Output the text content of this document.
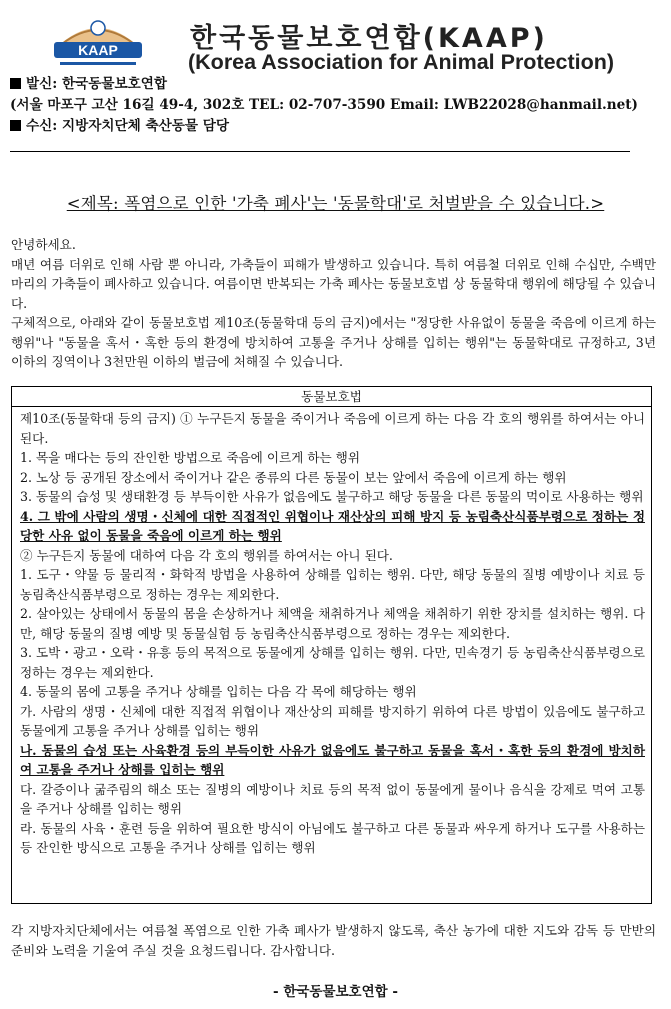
KAAP	한국동물보호연합(KAAP)
(Korea Association for Animal Protection)
발신: 한국동물보호연합
(서울 마포구 고산 16길 49-4, 302호 TEL: 02-707-3590 Email: LWB22028@hanmail.net)
수신: 지방자치단체 축산동물 담당
<제목: 폭염으로 인한 '가축 폐사'는 '동물학대'로 처벌받을 수 있습니다.>

안녕하세요.

매년 여름 더위로 인해 사람 뿐 아니라, 가축들이 피해가 발생하고 있습니다. 특히 여름철 더위로 인해 수십만, 수백만 마리의 가축들이 폐사하고 있습니다. 여름이면 반복되는 가축 폐사는 동물보호법 상 동물학대 행위에 해당될 수 있습니다.

구체적으로, 아래와 같이 동물보호법 제10조(동물학대 등의 금지)에서는 "정당한 사유없이 동물을 죽음에 이르게 하는 행위"나 "동물을 혹서・혹한 등의 환경에 방치하여 고통을 주거나 상해를 입히는 행위"는 동물학대로 규정하고, 3년 이하의 징역이나 3천만원 이하의 벌금에 처해질 수 있습니다.

동물보호법

제10조(동물학대 등의 금지) ① 누구든지 동물을 죽이거나 죽음에 이르게 하는 다음 각 호의 행위를 하여서는 아니 된다.

1. 목을 매다는 등의 잔인한 방법으로 죽음에 이르게 하는 행위

2. 노상 등 공개된 장소에서 죽이거나 같은 종류의 다른 동물이 보는 앞에서 죽음에 이르게 하는 행위

3. 동물의 습성 및 생태환경 등 부득이한 사유가 없음에도 불구하고 해당 동물을 다른 동물의 먹이로 사용하는 행위

4. 그 밖에 사람의 생명・신체에 대한 직접적인 위협이나 재산상의 피해 방지 등 농림축산식품부령으로 정하는 정당한 사유 없이 동물을 죽음에 이르게 하는 행위

② 누구든지 동물에 대하여 다음 각 호의 행위를 하여서는 아니 된다.

1. 도구・약물 등 물리적・화학적 방법을 사용하여 상해를 입히는 행위. 다만, 해당 동물의 질병 예방이나 치료 등 농림축산식품부령으로 정하는 경우는 제외한다.

2. 살아있는 상태에서 동물의 몸을 손상하거나 체액을 채취하거나 체액을 채취하기 위한 장치를 설치하는 행위. 다만, 해당 동물의 질병 예방 및 동물실험 등 농림축산식품부령으로 정하는 경우는 제외한다.

3. 도박・광고・오락・유흥 등의 목적으로 동물에게 상해를 입히는 행위. 다만, 민속경기 등 농림축산식품부령으로 정하는 경우는 제외한다.

4. 동물의 몸에 고통을 주거나 상해를 입히는 다음 각 목에 해당하는 행위

가. 사람의 생명・신체에 대한 직접적 위협이나 재산상의 피해를 방지하기 위하여 다른 방법이 있음에도 불구하고 동물에게 고통을 주거나 상해를 입히는 행위

나. 동물의 습성 또는 사육환경 등의 부득이한 사유가 없음에도 불구하고 동물을 혹서・혹한 등의 환경에 방치하여 고통을 주거나 상해를 입히는 행위

다. 갈증이나 굶주림의 해소 또는 질병의 예방이나 치료 등의 목적 없이 동물에게 물이나 음식을 강제로 먹여 고통을 주거나 상해를 입히는 행위

라. 동물의 사육・훈련 등을 위하여 필요한 방식이 아님에도 불구하고 다른 동물과 싸우게 하거나 도구를 사용하는 등 잔인한 방식으로 고통을 주거나 상해를 입히는 행위

각 지방자치단체에서는 여름철 폭염으로 인한 가축 폐사가 발생하지 않도록, 축산 농가에 대한 지도와 감독 등 만반의 준비와 노력을 기울여 주실 것을 요청드립니다. 감사합니다.
- 한국동물보호연합 -
